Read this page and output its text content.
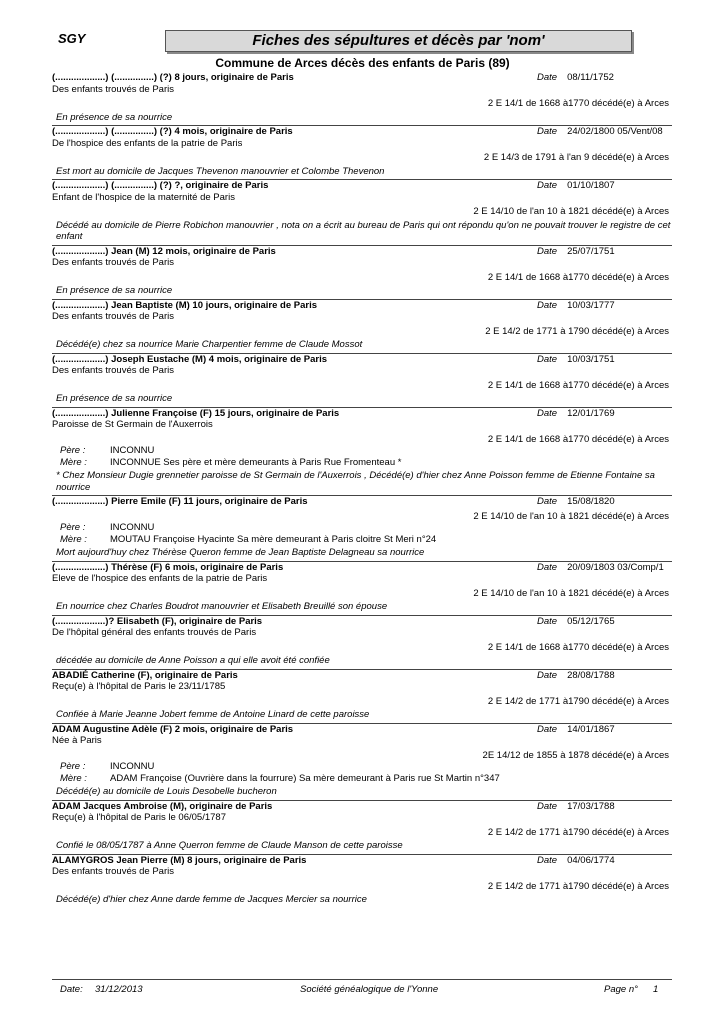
SGY	Fiches des sépultures et décès par 'nom'
Commune de Arces décès des enfants de Paris (89)
(...................) (...............) (?) 8 jours, originaire de Paris	Date 08/11/1752
Des enfants trouvés de Paris
2 E 14/1 de 1668 à1770 décédé(e) à Arces
En présence de sa nourrice
(...................) (...............) (?) 4 mois, originaire de Paris	Date 24/02/1800 05/Vent/08
De l'hospice des enfants de la patrie de Paris
2 E 14/3 de 1791 à l'an 9 décédé(e) à Arces
Est mort au domicile de Jacques Thevenon manouvrier et Colombe Thevenon
(...................) (...............) (?) ?, originaire de Paris	Date 01/10/1807
Enfant de l'hospice de la maternité de Paris
2 E 14/10 de l'an 10 à 1821 décédé(e) à Arces
Décédé au domicile de Pierre Robichon manouvrier , nota on a écrit au bureau de Paris qui ont répondu qu'on ne pouvait trouver le registre de cet enfant
(...................) Jean (M) 12 mois, originaire de Paris	Date 25/07/1751
Des enfants trouvés de Paris
2 E 14/1 de 1668 à1770 décédé(e) à Arces
En présence de sa nourrice
(...................) Jean Baptiste (M) 10 jours, originaire de Paris	Date 10/03/1777
Des enfants trouvés de Paris
2 E 14/2 de 1771 à 1790 décédé(e) à Arces
Décédé(e) chez sa nourrice Marie Charpentier femme de Claude Mossot
(...................) Joseph Eustache (M) 4 mois, originaire de Paris	Date 10/03/1751
Des enfants trouvés de Paris
2 E 14/1 de 1668 à1770 décédé(e) à Arces
En présence de sa nourrice
(...................) Julienne Françoise (F) 15 jours, originaire de Paris	Date 12/01/1769
Paroisse de St Germain de l'Auxerrois
2 E 14/1 de 1668 à1770 décédé(e) à Arces
Père :	INCONNU
Mère : INCONNUE Ses père et mère demeurants à Paris Rue Fromenteau *
* Chez Monsieur Dugie grennetier paroisse de St Germain de l'Auxerrois , Décédé(e) d'hier chez Anne Poisson femme de Etienne Fontaine sa nourrice
(...................) Pierre Emile (F) 11 jours, originaire de Paris	Date 15/08/1820
2 E 14/10 de l'an 10 à 1821 décédé(e) à Arces
Père :	INCONNU
Mère : MOUTAU Françoise Hyacinte Sa mère demeurant à Paris cloitre St Meri n°24
Mort aujourd'huy chez Thérèse Queron femme de Jean Baptiste Delagneau sa nourrice
(...................) Thérèse (F) 6 mois, originaire de Paris	Date 20/09/1803 03/Comp/1
Eleve de l'hospice des enfants de la patrie de Paris
2 E 14/10 de l'an 10 à 1821 décédé(e) à Arces
En nourrice chez Charles Boudrot manouvrier et Elisabeth Breuillé son épouse
(...................)? Elisabeth (F), originaire de Paris	Date 05/12/1765
De l'hôpital général des enfants trouvés de Paris
2 E 14/1 de 1668 à1770 décédé(e) à Arces
décédée au domicile de Anne Poisson a qui elle avoit été confiée
ABADIÉ Catherine (F), originaire de Paris	Date 28/08/1788
Reçu(e) à l'hôpital de Paris le 23/11/1785
2 E 14/2 de 1771 à1790 décédé(e) à Arces
Confiée à Marie Jeanne Jobert femme de Antoine Linard de cette paroisse
ADAM Augustine Adèle (F) 2 mois, originaire de Paris	Date 14/01/1867
Née à Paris
2E 14/12 de 1855 à 1878 décédé(e) à Arces
Père :	INCONNU
Mère : ADAM Françoise (Ouvrière dans la fourrure) Sa mère demeurant à Paris rue St Martin n°347
Décédé(e) au domicile de Louis Desobelle bucheron
ADAM Jacques Ambroise (M), originaire de Paris	Date 17/03/1788
Reçu(e) à l'hôpital de Paris le 06/05/1787
2 E 14/2 de 1771 à1790 décédé(e) à Arces
Confié le 08/05/1787 à Anne Querron femme de Claude Manson de cette paroisse
ALAMYGROS Jean Pierre (M) 8 jours, originaire de Paris	Date 04/06/1774
Des enfants trouvés de Paris
2 E 14/2 de 1771 à1790 décédé(e) à Arces
Décédé(e) d'hier chez Anne darde femme de Jacques Mercier sa nourrice
Date: 31/12/2013	Société généalogique de l'Yonne	Page n° 1
